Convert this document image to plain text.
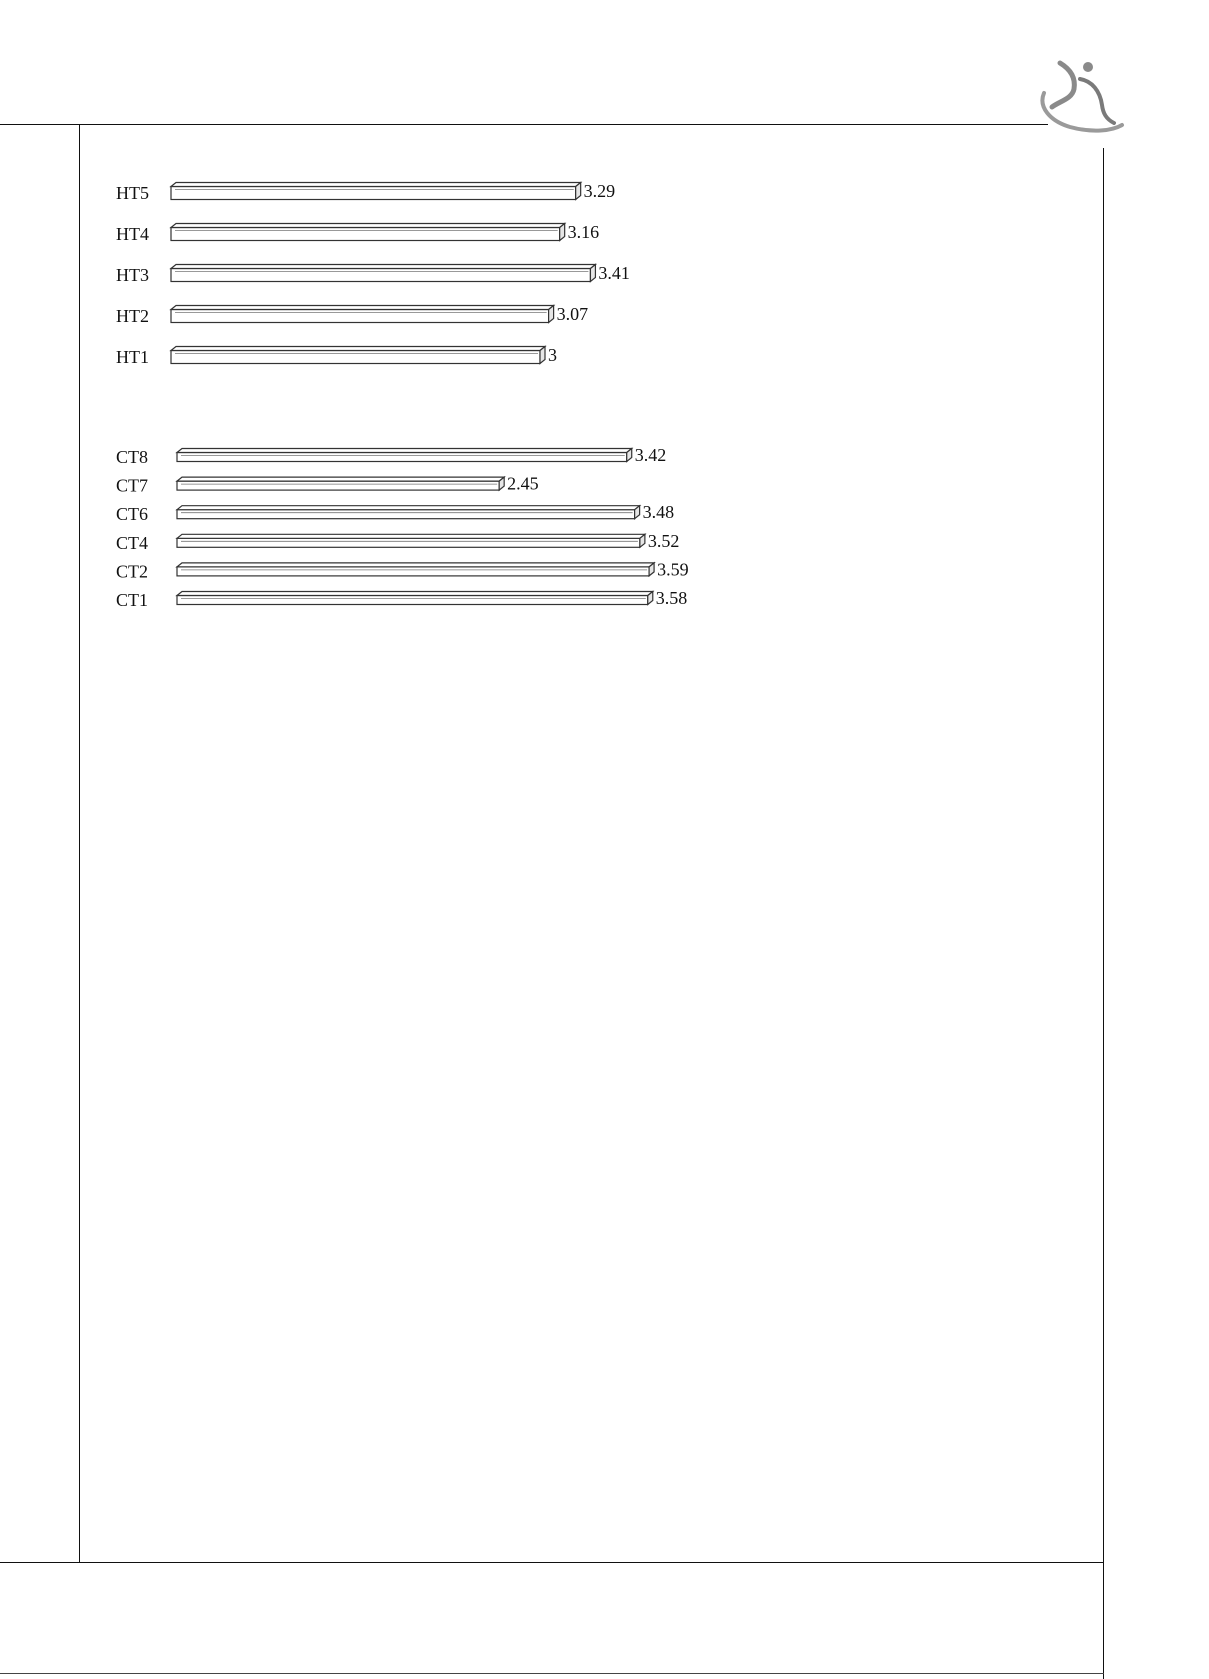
HT5	3.29
HT4	3.16
HT3	3.41
HT2	3.07
HT1	3
CT8	3.42
CT7	2.45
CT6	3.48
CT4	3.52
CT2	3.59
CT1	3.58
